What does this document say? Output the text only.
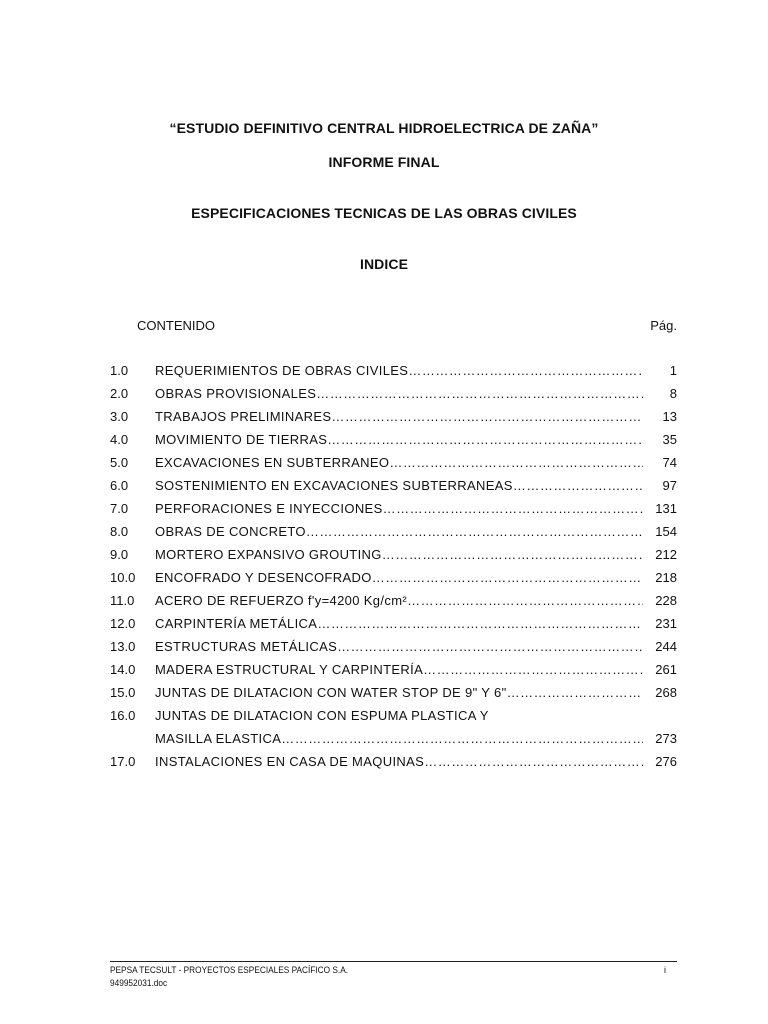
“ESTUDIO DEFINITIVO CENTRAL HIDROELECTRICA DE ZAÑA”
INFORME FINAL
ESPECIFICACIONES TECNICAS DE LAS OBRAS CIVILES
INDICE
CONTENIDO	Pág.
1.0 REQUERIMIENTOS DE OBRAS CIVILES ………………………………………………………………………………………………………………………………………………………	1
2.0 OBRAS PROVISIONALES ………………………………………………………………………………………………………………………………………………………	8
3.0 TRABAJOS PRELIMINARES ………………………………………………………………………………………………………………………………………………………	13
4.0 MOVIMIENTO DE TIERRAS ………………………………………………………………………………………………………………………………………………………	35
5.0 EXCAVACIONES EN SUBTERRANEO ………………………………………………………………………………………………………………………………………………………	74
6.0 SOSTENIMIENTO EN EXCAVACIONES SUBTERRANEAS ………………………………………………………………………………………………………………………………………………………	97
7.0 PERFORACIONES E INYECCIONES ………………………………………………………………………………………………………………………………………………………	131
8.0 OBRAS DE CONCRETO ………………………………………………………………………………………………………………………………………………………	154
9.0 MORTERO EXPANSIVO GROUTING ………………………………………………………………………………………………………………………………………………………	212
10.0 ENCOFRADO Y DESENCOFRADO ………………………………………………………………………………………………………………………………………………………	218
11.0 ACERO DE REFUERZO f'y=4200 Kg/cm² ………………………………………………………………………………………………………………………………………………………	228
12.0 CARPINTERÍA METÁLICA ………………………………………………………………………………………………………………………………………………………	231
13.0 ESTRUCTURAS METÁLICAS ………………………………………………………………………………………………………………………………………………………	244
14.0 MADERA ESTRUCTURAL Y CARPINTERÍA ………………………………………………………………………………………………………………………………………………………	261
15.0 JUNTAS DE DILATACION CON WATER STOP DE 9" Y 6" ………………………………………………………………………………………………………………………………………………………	268
16.0 JUNTAS DE DILATACION CON ESPUMA PLASTICA Y
MASILLA ELASTICA ………………………………………………………………………………………………………………………………………………………	273
17.0 INSTALACIONES EN CASA DE MAQUINAS ………………………………………………………………………………………………………………………………………………………	276
PEPSA TECSULT - PROYECTOS ESPECIALES PACÍFICO S.A.	i
949952031.doc
